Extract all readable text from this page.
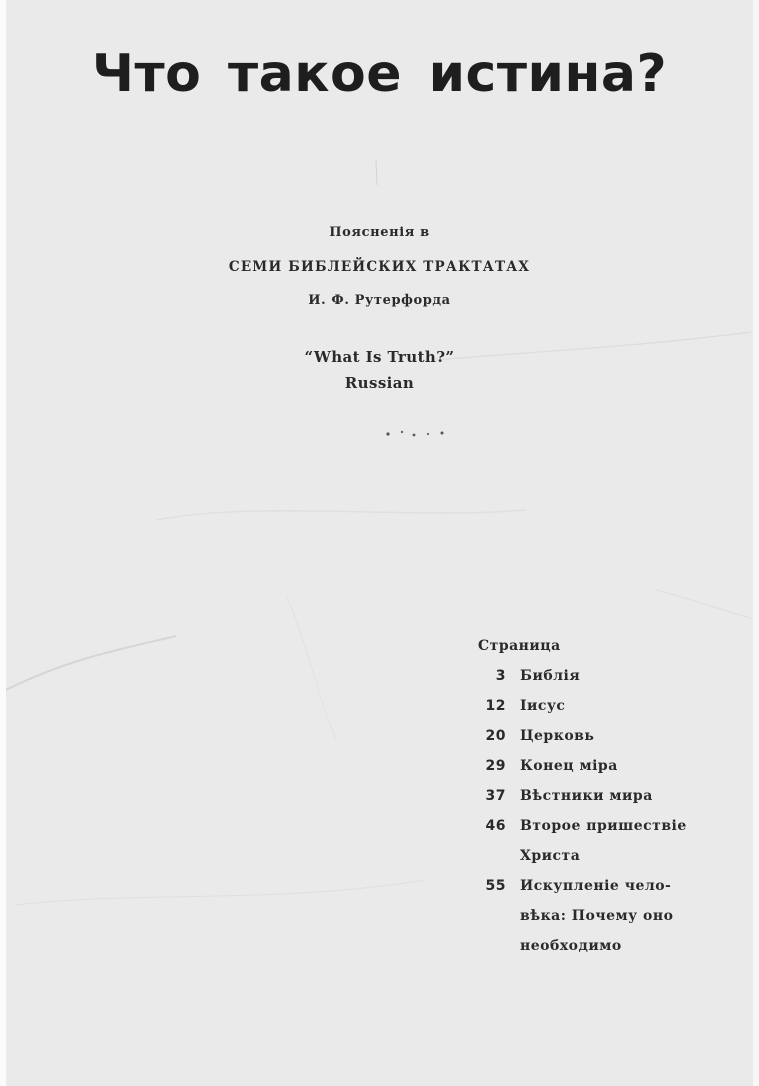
Что такое истина?
Поясненія в
СЕМИ БИБЛЕЙСКИХ ТРАКТАТАХ
И. Ф. Рутерфорда
“What Is Truth?”
Russian
Страница
3 Библія
12 Іисус
20 Церковь
29 Конец міра
37 Вѣстники мира
46 Второе пришествіе
Христа
55 Искупленіе чело-
вѣка: Почему оно
необходимо
